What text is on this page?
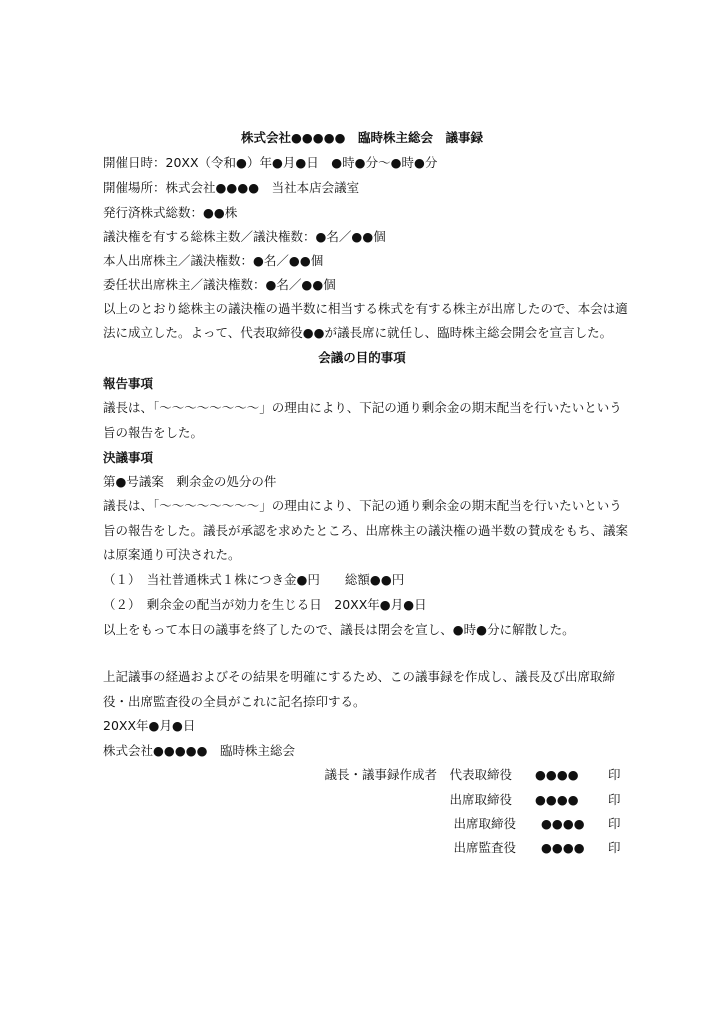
株式会社●●●●●　臨時株主総会　議事録
開催日時：20XX（令和●）年●月●日　●時●分～●時●分
開催場所：株式会社●●●●　当社本店会議室
発行済株式総数：●●株
議決権を有する総株主数／議決権数：●名／●●個
本人出席株主／議決権数：●名／●●個
委任状出席株主／議決権数：●名／●●個
以上のとおり総株主の議決権の過半数に相当する株式を有する株主が出席したので、本会は適
法に成立した。よって、代表取締役●●が議長席に就任し、臨時株主総会開会を宣言した。
会議の目的事項
報告事項
議長は、「～～～～～～～～」の理由により、下記の通り剰余金の期末配当を行いたいという
旨の報告をした。
決議事項
第●号議案　剰余金の処分の件
議長は、「～～～～～～～～」の理由により、下記の通り剰余金の期末配当を行いたいという
旨の報告をした。議長が承認を求めたところ、出席株主の議決権の過半数の賛成をもち、議案
は原案通り可決された。
（１）　当社普通株式１株につき金●円　　総額●●円
（２）　剰余金の配当が効力を生じる日　20XX年●月●日
以上をもって本日の議事を終了したので、議長は閉会を宣し、●時●分に解散した。
上記議事の経過およびその結果を明確にするため、この議事録を作成し、議長及び出席取締
役・出席監査役の全員がこれに記名捺印する。
20XX年●月●日
株式会社●●●●●　臨時株主総会
議長・議事録作成者　代表取締役 ●●●● 印
出席取締役 ●●●● 印
出席取締役 ●●●● 印
出席監査役 ●●●● 印
